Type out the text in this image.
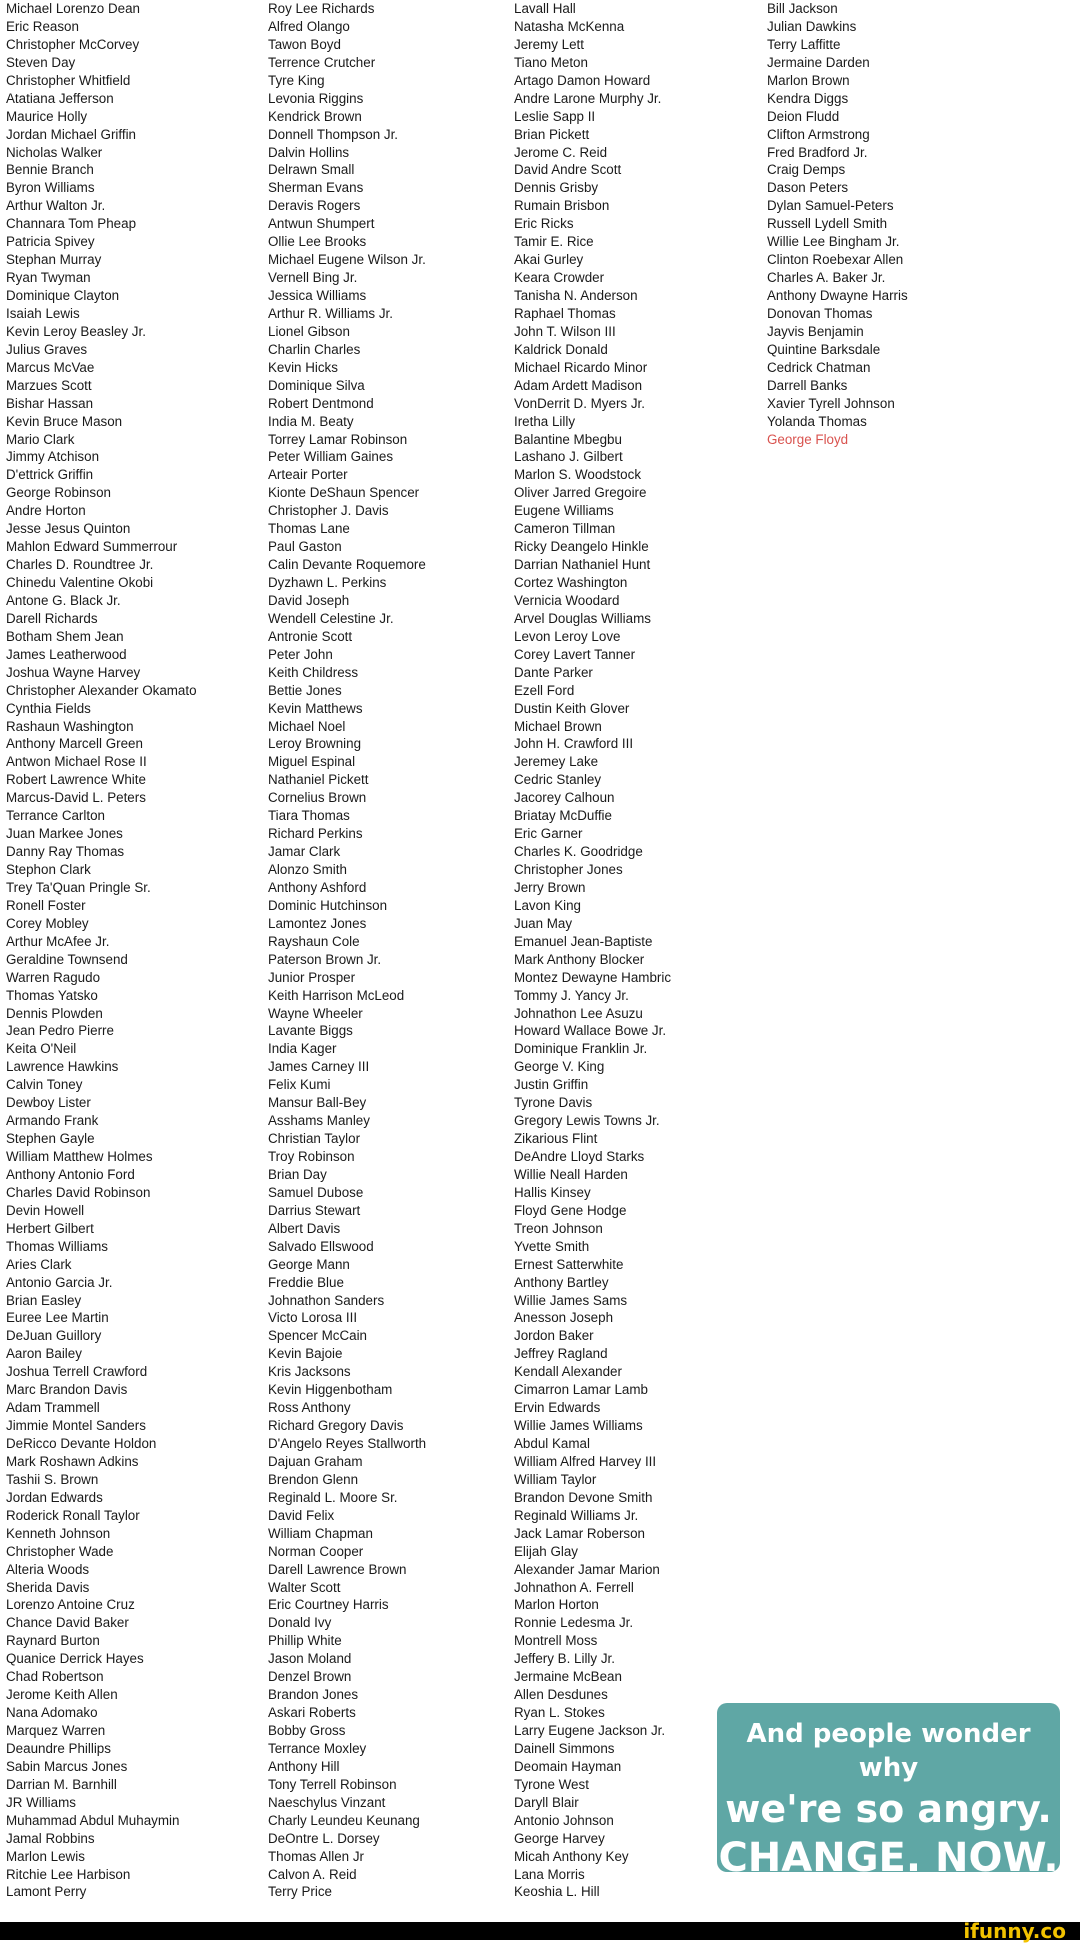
Michael Lorenzo Dean
Eric Reason
Christopher McCorvey
Steven Day
Christopher Whitfield
Atatiana Jefferson
Maurice Holly
Jordan Michael Griffin
Nicholas Walker
Bennie Branch
Byron Williams
Arthur Walton Jr.
Channara Tom Pheap
Patricia Spivey
Stephan Murray
Ryan Twyman
Dominique Clayton
Isaiah Lewis
Kevin Leroy Beasley Jr.
Julius Graves
Marcus McVae
Marzues Scott
Bishar Hassan
Kevin Bruce Mason
Mario Clark
Jimmy Atchison
D'ettrick Griffin
George Robinson
Andre Horton
Jesse Jesus Quinton
Mahlon Edward Summerrour
Charles D. Roundtree Jr.
Chinedu Valentine Okobi
Antone G. Black Jr.
Darell Richards
Botham Shem Jean
James Leatherwood
Joshua Wayne Harvey
Christopher Alexander Okamato
Cynthia Fields
Rashaun Washington
Anthony Marcell Green
Antwon Michael Rose II
Robert Lawrence White
Marcus-David L. Peters
Terrance Carlton
Juan Markee Jones
Danny Ray Thomas
Stephon Clark
Trey Ta'Quan Pringle Sr.
Ronell Foster
Corey Mobley
Arthur McAfee Jr.
Geraldine Townsend
Warren Ragudo
Thomas Yatsko
Dennis Plowden
Jean Pedro Pierre
Keita O'Neil
Lawrence Hawkins
Calvin Toney
Dewboy Lister
Armando Frank
Stephen Gayle
William Matthew Holmes
Anthony Antonio Ford
Charles David Robinson
Devin Howell
Herbert Gilbert
Thomas Williams
Aries Clark
Antonio Garcia Jr.
Brian Easley
Euree Lee Martin
DeJuan Guillory
Aaron Bailey
Joshua Terrell Crawford
Marc Brandon Davis
Adam Trammell
Jimmie Montel Sanders
DeRicco Devante Holdon
Mark Roshawn Adkins
Tashii S. Brown
Jordan Edwards
Roderick Ronall Taylor
Kenneth Johnson
Christopher Wade
Alteria Woods
Sherida Davis
Lorenzo Antoine Cruz
Chance David Baker
Raynard Burton
Quanice Derrick Hayes
Chad Robertson
Jerome Keith Allen
Nana Adomako
Marquez Warren
Deaundre Phillips
Sabin Marcus Jones
Darrian M. Barnhill
JR Williams
Muhammad Abdul Muhaymin
Jamal Robbins
Marlon Lewis
Ritchie Lee Harbison
Lamont Perry
Roy Lee Richards
Alfred Olango
Tawon Boyd
Terrence Crutcher
Tyre King
Levonia Riggins
Kendrick Brown
Donnell Thompson Jr.
Dalvin Hollins
Delrawn Small
Sherman Evans
Deravis Rogers
Antwun Shumpert
Ollie Lee Brooks
Michael Eugene Wilson Jr.
Vernell Bing Jr.
Jessica Williams
Arthur R. Williams Jr.
Lionel Gibson
Charlin Charles
Kevin Hicks
Dominique Silva
Robert Dentmond
India M. Beaty
Torrey Lamar Robinson
Peter William Gaines
Arteair Porter
Kionte DeShaun Spencer
Christopher J. Davis
Thomas Lane
Paul Gaston
Calin Devante Roquemore
Dyzhawn L. Perkins
David Joseph
Wendell Celestine Jr.
Antronie Scott
Peter John
Keith Childress
Bettie Jones
Kevin Matthews
Michael Noel
Leroy Browning
Miguel Espinal
Nathaniel Pickett
Cornelius Brown
Tiara Thomas
Richard Perkins
Jamar Clark
Alonzo Smith
Anthony Ashford
Dominic Hutchinson
Lamontez Jones
Rayshaun Cole
Paterson Brown Jr.
Junior Prosper
Keith Harrison McLeod
Wayne Wheeler
Lavante Biggs
India Kager
James Carney III
Felix Kumi
Mansur Ball-Bey
Asshams Manley
Christian Taylor
Troy Robinson
Brian Day
Samuel Dubose
Darrius Stewart
Albert Davis
Salvado Ellswood
George Mann
Freddie Blue
Johnathon Sanders
Victo Lorosa III
Spencer McCain
Kevin Bajoie
Kris Jacksons
Kevin Higgenbotham
Ross Anthony
Richard Gregory Davis
D'Angelo Reyes Stallworth
Dajuan Graham
Brendon Glenn
Reginald L. Moore Sr.
David Felix
William Chapman
Norman Cooper
Darell Lawrence Brown
Walter Scott
Eric Courtney Harris
Donald Ivy
Phillip White
Jason Moland
Denzel Brown
Brandon Jones
Askari Roberts
Bobby Gross
Terrance Moxley
Anthony Hill
Tony Terrell Robinson
Naeschylus Vinzant
Charly Leundeu Keunang
DeOntre L. Dorsey
Thomas Allen Jr
Calvon A. Reid
Terry Price
Lavall Hall
Natasha McKenna
Jeremy Lett
Tiano Meton
Artago Damon Howard
Andre Larone Murphy Jr.
Leslie Sapp II
Brian Pickett
Jerome C. Reid
David Andre Scott
Dennis Grisby
Rumain Brisbon
Eric Ricks
Tamir E. Rice
Akai Gurley
Keara Crowder
Tanisha N. Anderson
Raphael Thomas
John T. Wilson III
Kaldrick Donald
Michael Ricardo Minor
Adam Ardett Madison
VonDerrit D. Myers Jr.
Iretha Lilly
Balantine Mbegbu
Lashano J. Gilbert
Marlon S. Woodstock
Oliver Jarred Gregoire
Eugene Williams
Cameron Tillman
Ricky Deangelo Hinkle
Darrian Nathaniel Hunt
Cortez Washington
Vernicia Woodard
Arvel Douglas Williams
Levon Leroy Love
Corey Lavert Tanner
Dante Parker
Ezell Ford
Dustin Keith Glover
Michael Brown
John H. Crawford III
Jeremey Lake
Cedric Stanley
Jacorey Calhoun
Briatay McDuffie
Eric Garner
Charles K. Goodridge
Christopher Jones
Jerry Brown
Lavon King
Juan May
Emanuel Jean-Baptiste
Mark Anthony Blocker
Montez Dewayne Hambric
Tommy J. Yancy Jr.
Johnathon Lee Asuzu
Howard Wallace Bowe Jr.
Dominique Franklin Jr.
George V. King
Justin Griffin
Tyrone Davis
Gregory Lewis Towns Jr.
Zikarious Flint
DeAndre Lloyd Starks
Willie Neall Harden
Hallis Kinsey
Floyd Gene Hodge
Treon Johnson
Yvette Smith
Ernest Satterwhite
Anthony Bartley
Willie James Sams
Anesson Joseph
Jordon Baker
Jeffrey Ragland
Kendall Alexander
Cimarron Lamar Lamb
Ervin Edwards
Willie James Williams
Abdul Kamal
William Alfred Harvey III
William Taylor
Brandon Devone Smith
Reginald Williams Jr.
Jack Lamar Roberson
Elijah Glay
Alexander Jamar Marion
Johnathon A. Ferrell
Marlon Horton
Ronnie Ledesma Jr.
Montrell Moss
Jeffery B. Lilly Jr.
Jermaine McBean
Allen Desdunes
Ryan L. Stokes
Larry Eugene Jackson Jr.
Dainell Simmons
Deomain Hayman
Tyrone West
Daryll Blair
Antonio Johnson
George Harvey
Micah Anthony Key
Lana Morris
Keoshia L. Hill
Bill Jackson
Julian Dawkins
Terry Laffitte
Jermaine Darden
Marlon Brown
Kendra Diggs
Deion Fludd
Clifton Armstrong
Fred Bradford Jr.
Craig Demps
Dason Peters
Dylan Samuel-Peters
Russell Lydell Smith
Willie Lee Bingham Jr.
Clinton Roebexar Allen
Charles A. Baker Jr.
Anthony Dwayne Harris
Donovan Thomas
Jayvis Benjamin
Quintine Barksdale
Cedrick Chatman
Darrell Banks
Xavier Tyrell Johnson
Yolanda Thomas
George Floyd
And people wonder why
we're so angry.
CHANGE. NOW.
ifunny.co
